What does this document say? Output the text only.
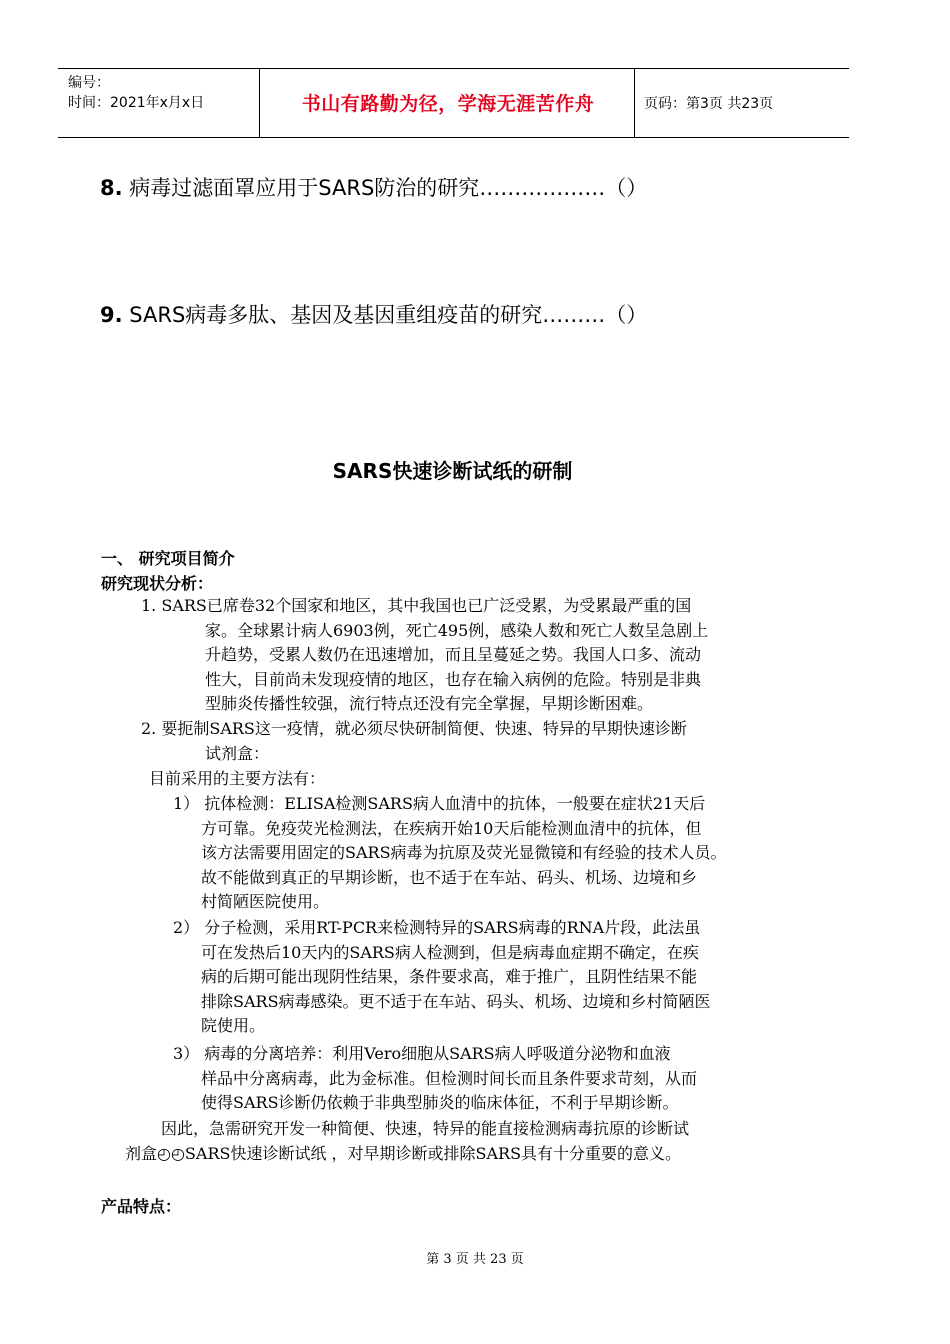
编号：
时间：2021年x月x日	书山有路勤为径，学海无涯苦作舟	页码：第3页 共23页
8. 病毒过滤面罩应用于SARS防治的研究………………（）
9. SARS病毒多肽、基因及基因重组疫苗的研究………（）
SARS快速诊断试纸的研制
一、 研究项目简介
研究现状分析：
1. SARS已席卷32个国家和地区，其中我国也已广泛受累，为受累最严重的国
家。全球累计病人6903例，死亡495例，感染人数和死亡人数呈急剧上
升趋势，受累人数仍在迅速增加，而且呈蔓延之势。我国人口多、流动
性大，目前尚未发现疫情的地区，也存在输入病例的危险。特别是非典
型肺炎传播性较强，流行特点还没有完全掌握，早期诊断困难。
2. 要扼制SARS这一疫情，就必须尽快研制简便、快速、特异的早期快速诊断
试剂盒：
目前采用的主要方法有：
1） 抗体检测：ELISA检测SARS病人血清中的抗体，一般要在症状21天后
方可靠。免疫荧光检测法，在疾病开始10天后能检测血清中的抗体，但
该方法需要用固定的SARS病毒为抗原及荧光显微镜和有经验的技术人员。
故不能做到真正的早期诊断，也不适于在车站、码头、机场、边境和乡
村简陋医院使用。
2） 分子检测，采用RT-PCR来检测特异的SARS病毒的RNA片段，此法虽
可在发热后10天内的SARS病人检测到，但是病毒血症期不确定，在疾
病的后期可能出现阴性结果，条件要求高，难于推广，且阴性结果不能
排除SARS病毒感染。更不适于在车站、码头、机场、边境和乡村简陋医
院使用。
3） 病毒的分离培养：利用Vero细胞从SARS病人呼吸道分泌物和血液
样品中分离病毒，此为金标准。但检测时间长而且条件要求苛刻，从而
使得SARS诊断仍依赖于非典型肺炎的临床体征，不利于早期诊断。
因此，急需研究开发一种简便、快速，特异的能直接检测病毒抗原的诊断试
剂盒◴◴SARS快速诊断试纸 ，对早期诊断或排除SARS具有十分重要的意义。
产品特点：
第 3 页 共 23 页
